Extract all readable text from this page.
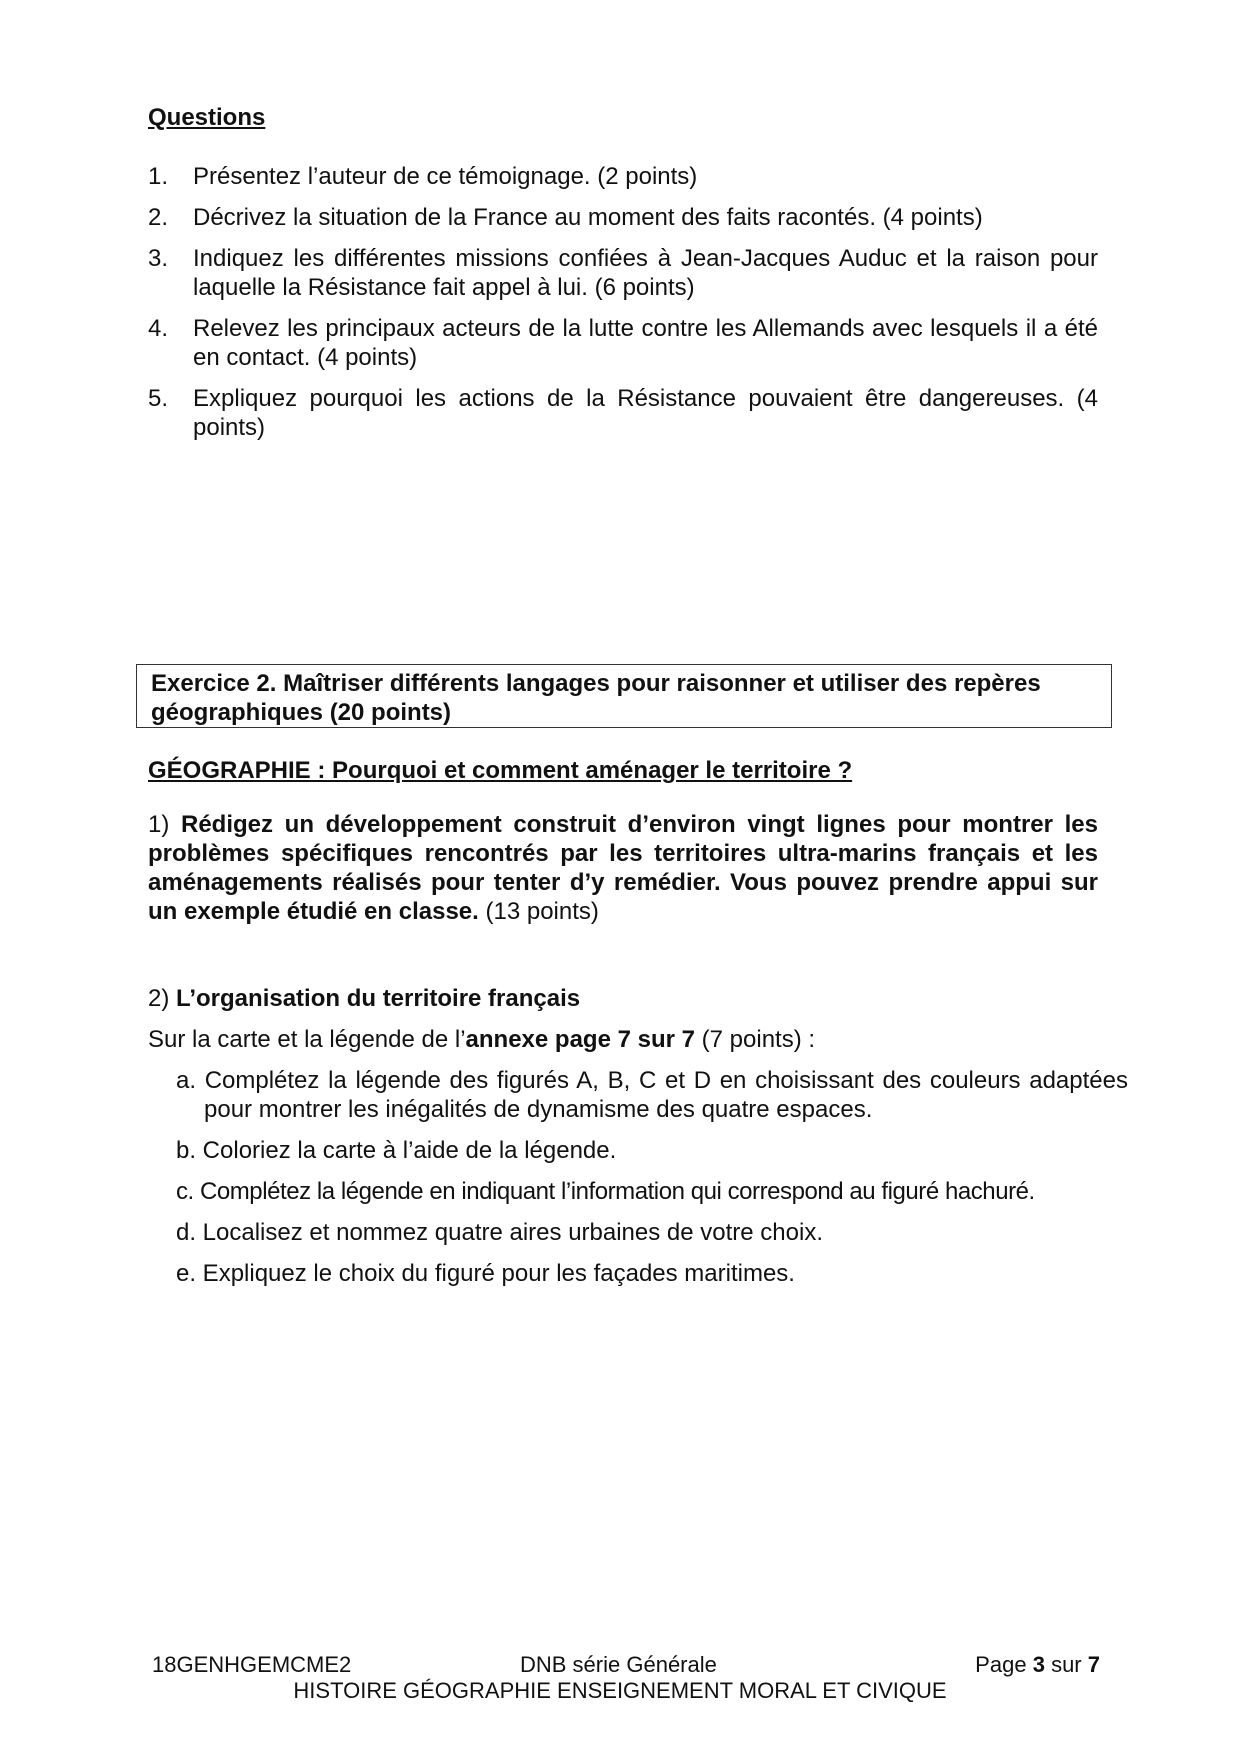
Questions
1. Présentez l’auteur de ce témoignage. (2 points)
2. Décrivez la situation de la France au moment des faits racontés. (4 points)
3. Indiquez les différentes missions confiées à Jean-Jacques Auduc et la raison pour laquelle la Résistance fait appel à lui. (6 points)
4. Relevez les principaux acteurs de la lutte contre les Allemands avec lesquels il a été en contact. (4 points)
5. Expliquez pourquoi les actions de la Résistance pouvaient être dangereuses. (4 points)
Exercice 2. Maîtriser différents langages pour raisonner et utiliser des repères géographiques (20 points)
GÉOGRAPHIE : Pourquoi et comment aménager le territoire ?
1) Rédigez un développement construit d’environ vingt lignes pour montrer les problèmes spécifiques rencontrés par les territoires ultra-marins français et les aménagements réalisés pour tenter d’y remédier. Vous pouvez prendre appui sur un exemple étudié en classe. (13 points)
2) L’organisation du territoire français
Sur la carte et la légende de l’annexe page 7 sur 7 (7 points) :
a. Complétez la légende des figurés A, B, C et D en choisissant des couleurs adaptées pour montrer les inégalités de dynamisme des quatre espaces.
b. Coloriez la carte à l’aide de la légende.
c. Complétez la légende en indiquant l’information qui correspond au figuré hachuré.
d. Localisez et nommez quatre aires urbaines de votre choix.
e. Expliquez le choix du figuré pour les façades maritimes.
18GENHGEMCME2	DNB série Générale	Page 3 sur 7
HISTOIRE GÉOGRAPHIE ENSEIGNEMENT MORAL ET CIVIQUE
